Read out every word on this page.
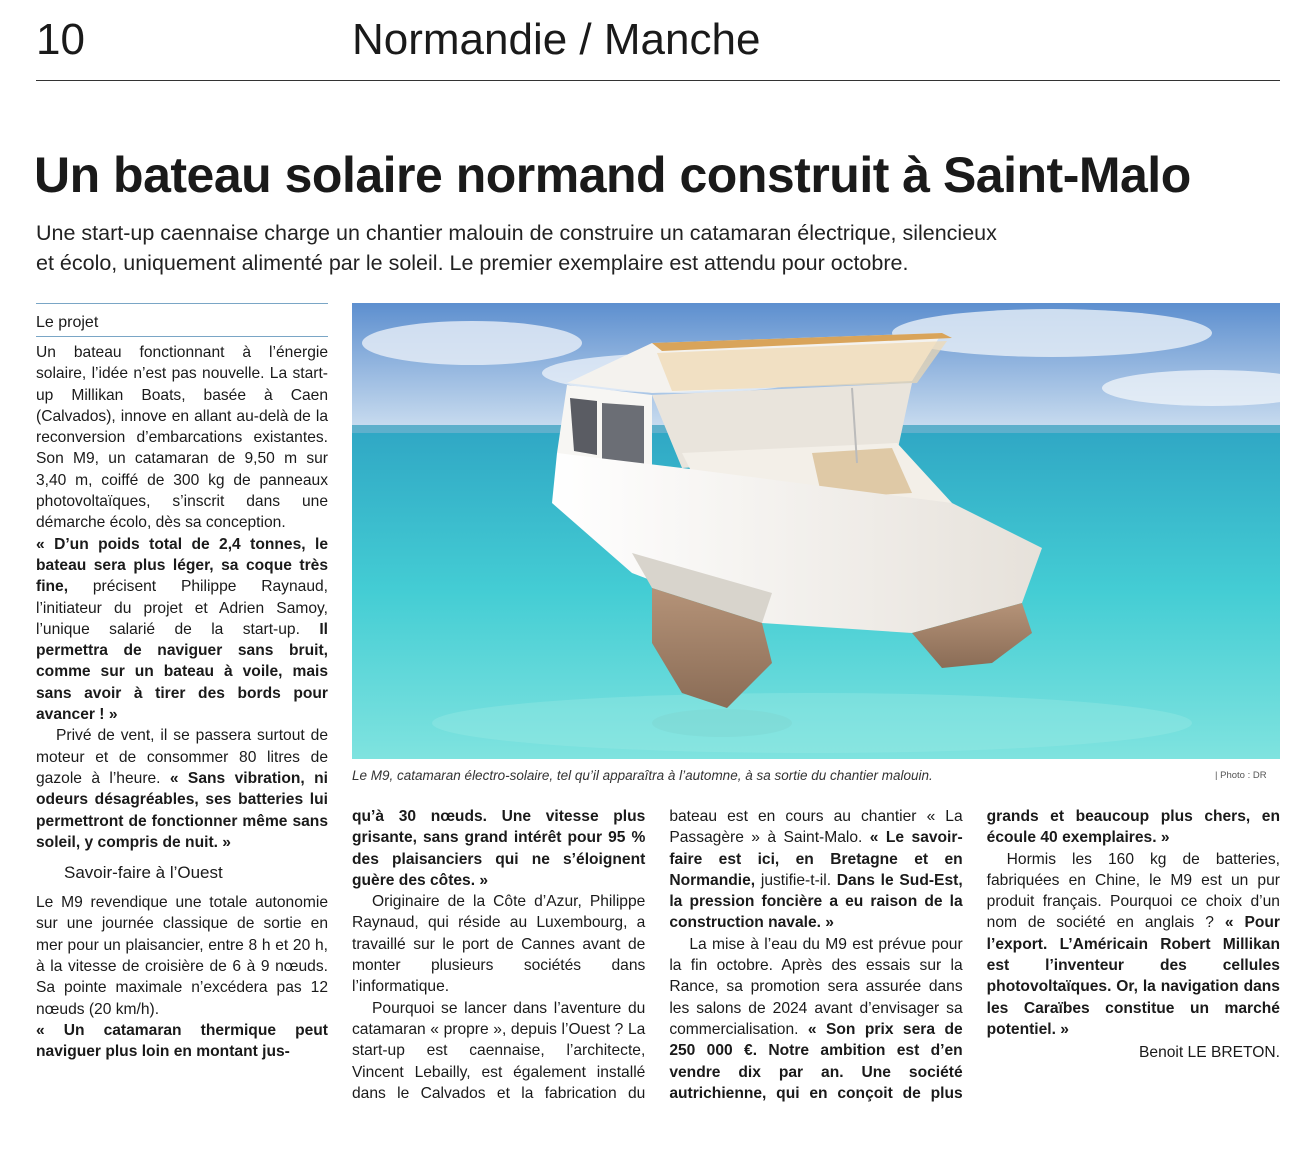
10	Normandie / Manche
Un bateau solaire normand construit à Saint-Malo
Une start-up caennaise charge un chantier malouin de construire un catamaran électrique, silencieux
et écolo, uniquement alimenté par le soleil. Le premier exemplaire est attendu pour octobre.
Le projet
Le M9, catamaran électro-solaire, tel qu’il apparaîtra à l’automne, à sa sortie du chantier malouin.	| Photo : DR

Un bateau fonctionnant à l’énergie solaire, l’idée n’est pas nouvelle. La start-up Millikan Boats, basée à Caen (Calvados), innove en allant au-delà de la reconversion d’embarcations existantes. Son M9, un catamaran de 9,50 m sur 3,40 m, coiffé de 300 kg de panneaux photovoltaïques, s’inscrit dans une démarche écolo, dès sa conception.

« D’un poids total de 2,4 tonnes, le bateau sera plus léger, sa coque très fine, précisent Philippe Raynaud, l’initiateur du projet et Adrien Samoy, l’unique salarié de la start-up. Il permettra de naviguer sans bruit, comme sur un bateau à voile, mais sans avoir à tirer des bords pour avancer ! »

Privé de vent, il se passera surtout de moteur et de consommer 80 litres de gazole à l’heure. « Sans vibration, ni odeurs désagréables, ses batteries lui permettront de fonctionner même sans soleil, y compris de nuit. »

Savoir-faire à l’Ouest

Le M9 revendique une totale autonomie sur une journée classique de sortie en mer pour un plaisancier, entre 8 h et 20 h, à la vitesse de croisière de 6 à 9 nœuds. Sa pointe maximale n’excédera pas 12 nœuds (20 km/h).

« Un catamaran thermique peut naviguer plus loin en montant jus-

qu’à 30 nœuds. Une vitesse plus grisante, sans grand intérêt pour 95 % des plaisanciers qui ne s’éloignent guère des côtes. »

Originaire de la Côte d’Azur, Philippe Raynaud, qui réside au Luxembourg, a travaillé sur le port de Cannes avant de monter plusieurs sociétés dans l’informatique.

Pourquoi se lancer dans l’aventure du catamaran « propre », depuis l’Ouest ? La start-up est caennaise, l’architecte, Vincent Lebailly, est également installé dans le Calvados et la fabrication du bateau est en cours au chantier « La Passagère » à Saint-Malo. « Le savoir-faire est ici, en Bretagne et en Normandie, justifie-t-il. Dans le Sud-Est, la pression foncière a eu raison de la construction navale. »

La mise à l’eau du M9 est prévue pour la fin octobre. Après des essais sur la Rance, sa promotion sera assurée dans les salons de 2024 avant d’envisager sa commercialisation. « Son prix sera de 250 000 €. Notre ambition est d’en vendre dix par an. Une société autrichienne, qui en conçoit de plus grands et beaucoup plus chers, en écoule 40 exemplaires. »

Hormis les 160 kg de batteries, fabriquées en Chine, le M9 est un pur produit français. Pourquoi ce choix d’un nom de société en anglais ? « Pour l’export. L’Américain Robert Millikan est l’inventeur des cellules photovoltaïques. Or, la navigation dans les Caraïbes constitue un marché potentiel. »

Benoit LE BRETON.
